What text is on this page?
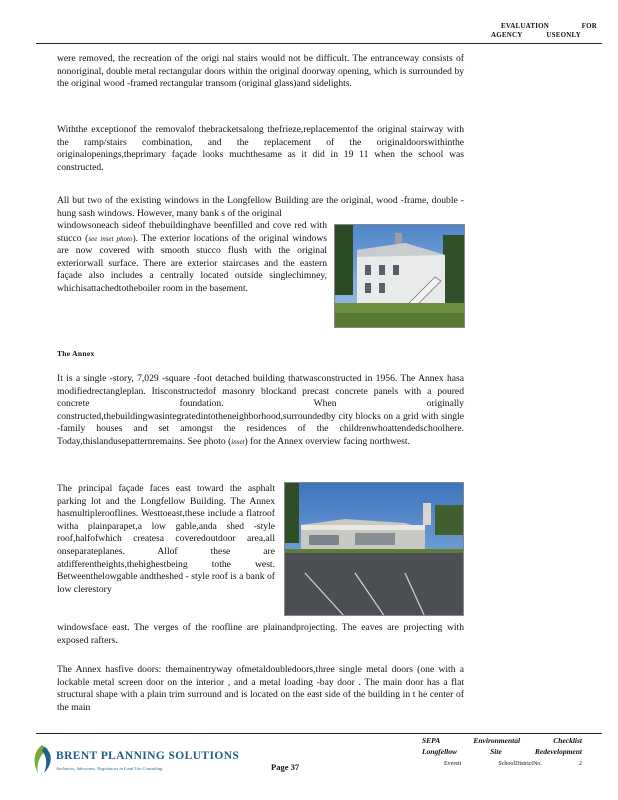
EVALUATION	FOR
AGENCY	USEONLY

were removed, the recreation of the origi nal stairs would not be difficult. The entranceway consists of nonoriginal, double metal rectangular doors within the original doorway opening, which is surrounded by the original wood -framed rectangular transom (original glass)and sidelights.

Withthe exceptionof the removalof thebracketsalong thefrieze,replacementof the original stairway with the ramp/stairs combination, and the replacement of the originaldoorswithinthe originalopenings,theprimary façade looks muchthesame as it did in 19 11 when the school was constructed.

All but two of the existing windows in the Longfellow Building are the original, wood -frame, double -hung sash windows. However, many bank s of the original

windowsoneach sideof thebuildinghave beenfilled and cove red with stucco (see inset photo). The exterior locations of the original windows are now covered with smooth stucco flush with the original exteriorwall surface. There are exterior staircases and the eastern façade also includes a centrally located outside singlechimney, whichisattachedtotheboiler room in the basement.

The Annex

It is a single -story, 7,029 -square -foot detached building thatwasconstructed in 1956. The Annex hasa modifiedrectangleplan. Itisconstructedof masonry blockand precast concrete panels with a poured concrete foundation. When originally constructed,thebuildingwasintegratedintotheneighborhood,surroundedby city blocks on a grid with single -family houses and set amongst the residences of the childrenwhoattendedschoolhere. Today,thislandusepatternremains. See photo (inset) for the Annex overview facing northwest.

The principal façade faces east toward the asphalt parking lot and the Longfellow Building. The Annex hasmultiplerooflines. Westtoeast,these include a flatroof witha plainparapet,a low gable,anda shed -style roof,halfofwhich createsa coveredoutdoor area,all onseparateplanes. Allof these are atdifferentheights,thehighestbeing tothe west. Betweenthelowgable andtheshed - style roof is a bank of low clerestory

windowsface east. The verges of the roofline are plainandprojecting. The eaves are projecting with exposed rafters.

The Annex hasfive doors: themainentryway ofmetaldoubledoors,three single metal doors (one with a lockable metal screen door on the interior , and a metal loading -bay door . The main door has a flat structural shape with a plain trim surround and is located on the east side of the building in t he center of the main

BRENT PLANNING SOLUTIONS
Architects, Advocates, Negotiators in Land Use Consulting	Page 37
SEPA	Environmental	Checklist
Longfellow	Site	Redevelopment
Everett	SchoolDistrictNo.	2
